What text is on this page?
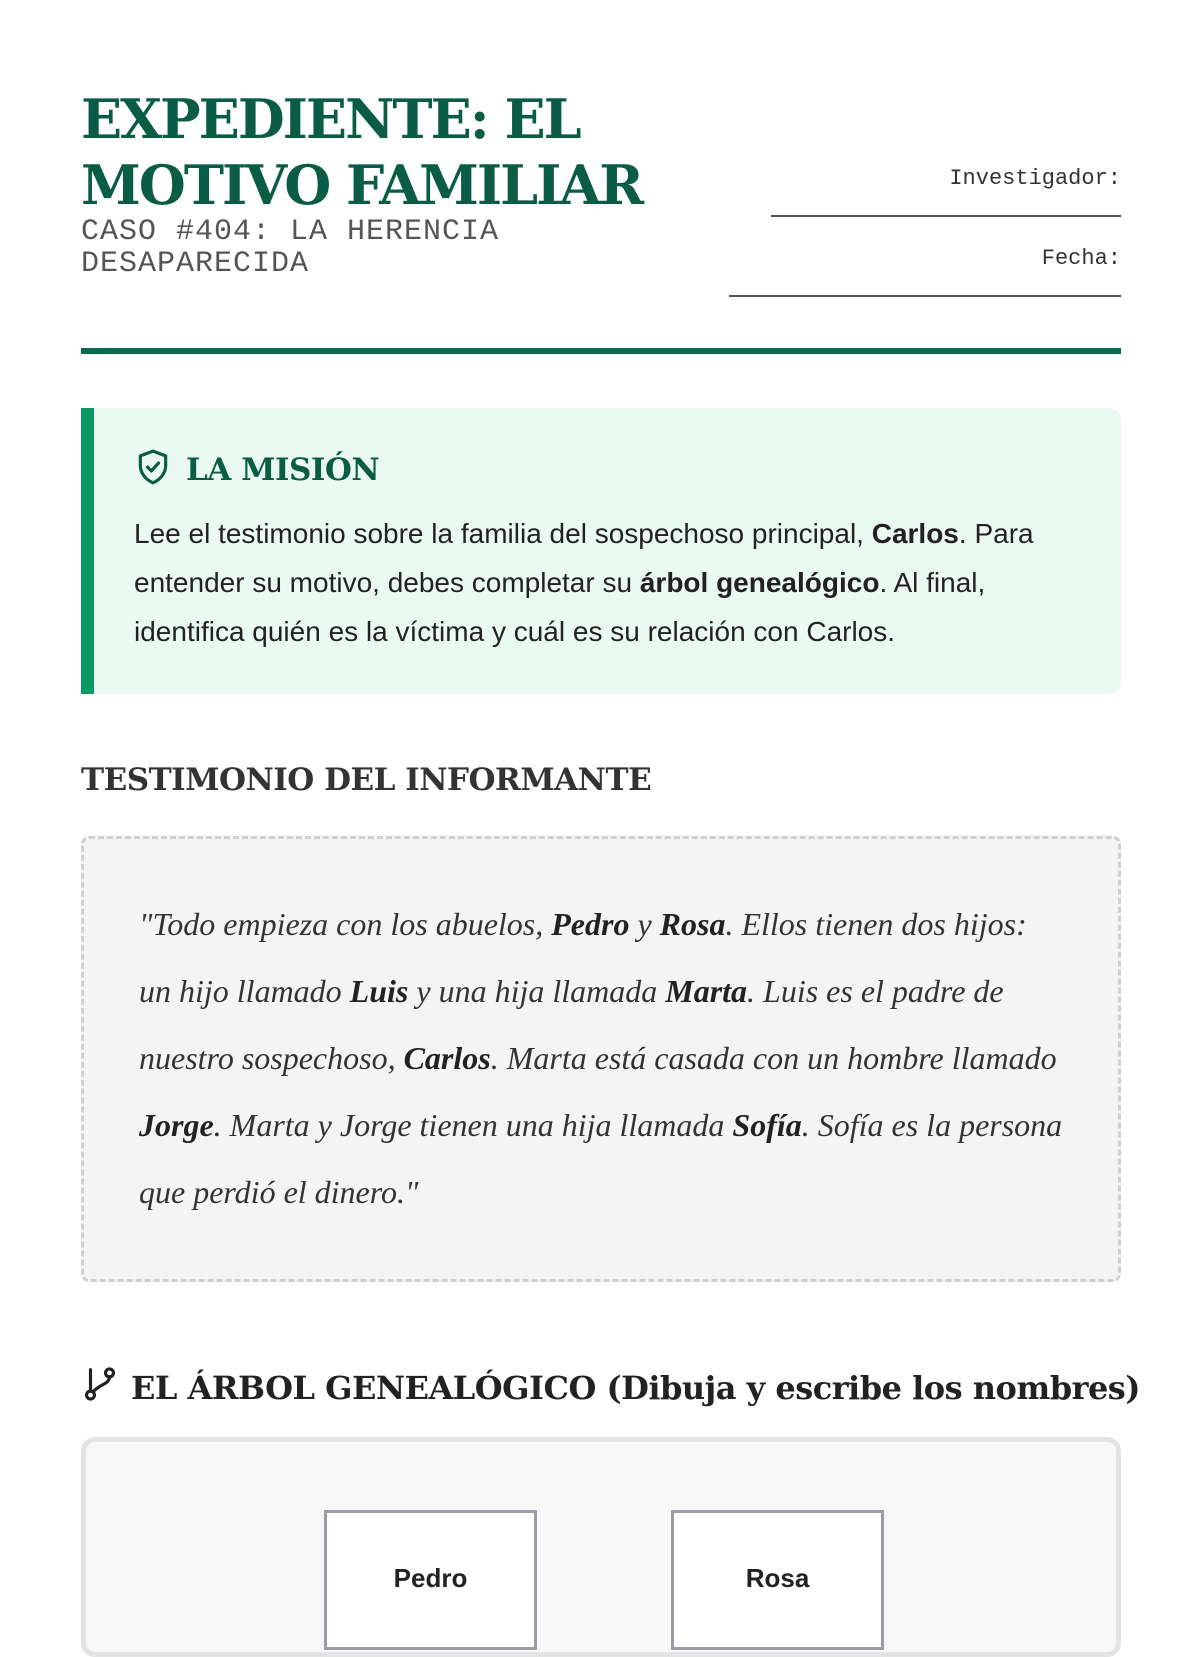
EXPEDIENTE: EL MOTIVO FAMILIAR
CASO #404: LA HERENCIA DESAPARECIDA
Investigador:
Fecha:
LA MISIÓN
Lee el testimonio sobre la familia del sospechoso principal, Carlos. Para entender su motivo, debes completar su árbol genealógico. Al final, identifica quién es la víctima y cuál es su relación con Carlos.
TESTIMONIO DEL INFORMANTE

"Todo empieza con los abuelos, Pedro y Rosa. Ellos tienen dos hijos: un hijo llamado Luis y una hija llamada Marta. Luis es el padre de nuestro sospechoso, Carlos. Marta está casada con un hombre llamado Jorge. Marta y Jorge tienen una hija llamada Sofía. Sofía es la persona que perdió el dinero."

EL ÁRBOL GENEALÓGICO (Dibuja y escribe los nombres)
Pedro	Rosa
